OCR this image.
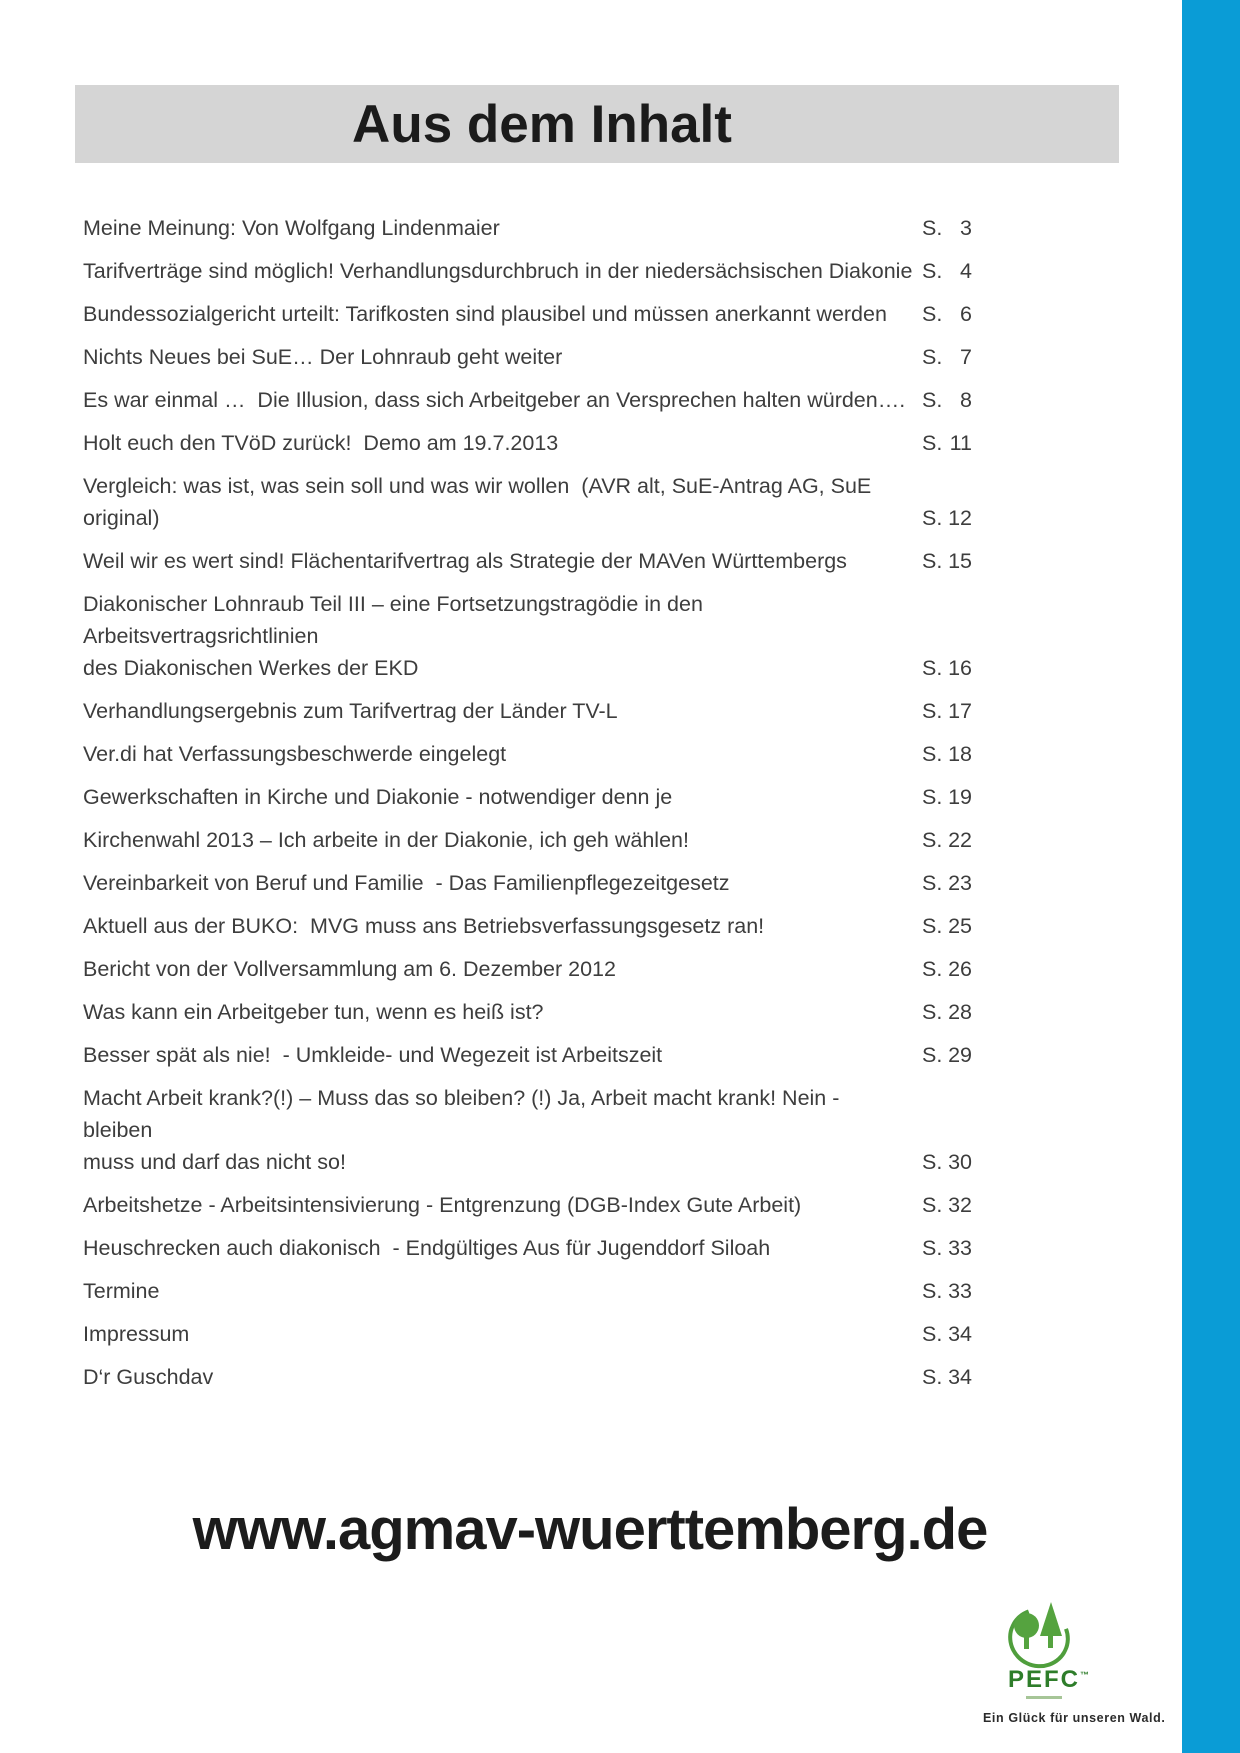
Aus dem Inhalt
Meine Meinung: Von Wolfgang Lindenmaier	S. 3
Tarifverträge sind möglich! Verhandlungsdurchbruch in der niedersächsischen Diakonie S. 4
Bundessozialgericht urteilt: Tarifkosten sind plausibel und müssen anerkannt werden	S. 6
Nichts Neues bei SuE… Der Lohnraub geht weiter	S. 7
Es war einmal …  Die Illusion, dass sich Arbeitgeber an Versprechen halten würden…. S. 8
Holt euch den TVöD zurück!  Demo am 19.7.2013	S. 11
Vergleich: was ist, was sein soll und was wir wollen  (AVR alt, SuE-Antrag AG, SuE original)	S. 12
Weil wir es wert sind! Flächentarifvertrag als Strategie der MAVen Württembergs	S. 15
Diakonischer Lohnraub Teil III – eine Fortsetzungstragödie in den Arbeitsvertragsrichtlinien
des Diakonischen Werkes der EKD	S. 16
Verhandlungsergebnis zum Tarifvertrag der Länder TV-L	S. 17
Ver.di hat Verfassungsbeschwerde eingelegt	S. 18
Gewerkschaften in Kirche und Diakonie - notwendiger denn je	S. 19
Kirchenwahl 2013 – Ich arbeite in der Diakonie, ich geh wählen!	S. 22
Vereinbarkeit von Beruf und Familie  - Das Familienpflegezeitgesetz	S. 23
Aktuell aus der BUKO:  MVG muss ans Betriebsverfassungsgesetz ran!	S. 25
Bericht von der Vollversammlung am 6. Dezember 2012	S. 26
Was kann ein Arbeitgeber tun, wenn es heiß ist?	S. 28
Besser spät als nie!  - Umkleide- und Wegezeit ist Arbeitszeit	S. 29
Macht Arbeit krank?(!) – Muss das so bleiben? (!) Ja, Arbeit macht krank! Nein - bleiben
muss und darf das nicht so!	S. 30
Arbeitshetze - Arbeitsintensivierung - Entgrenzung (DGB-Index Gute Arbeit)	S. 32
Heuschrecken auch diakonisch  - Endgültiges Aus für Jugenddorf Siloah	S. 33
Termine	S. 33
Impressum	S. 34
D‘r Guschdav	S. 34
www.agmav-wuerttemberg.de
PEFC™
Ein Glück für unseren Wald.
